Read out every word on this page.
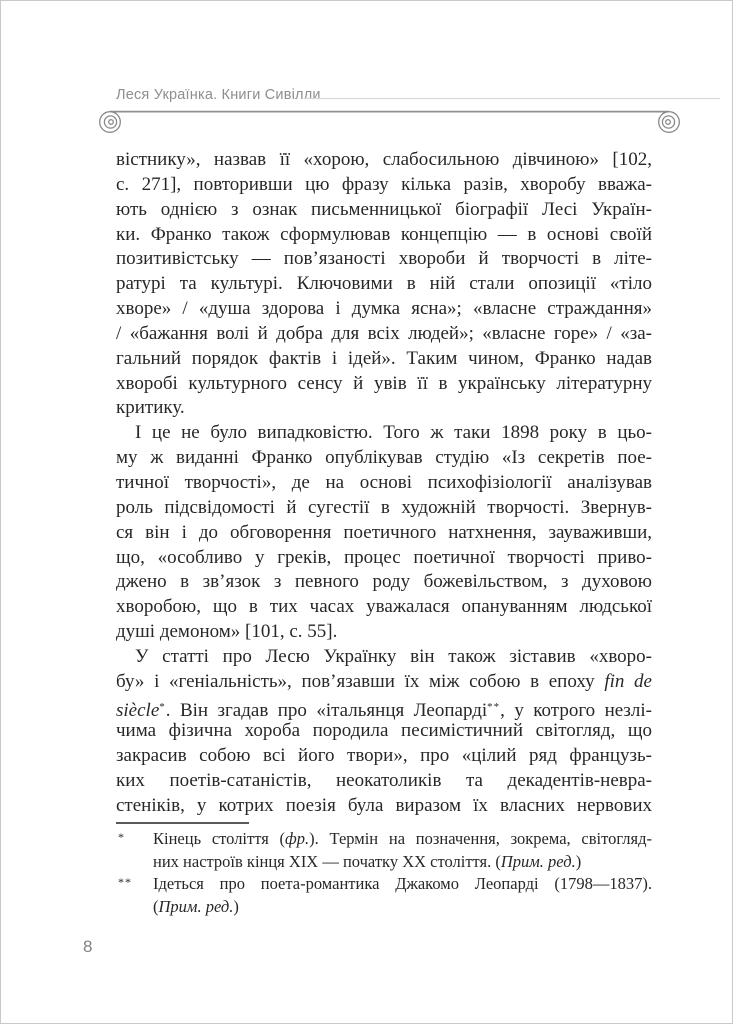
Леся Українка. Книги Сивілли
вістнику», назвав її «хорою, слабосильною дівчиною» [102,
с. 271], повторивши цю фразу кілька разів, хворобу вважа-
ють однією з ознак письменницької біографії Лесі Україн-
ки. Франко також сформулював концепцію — в основі своїй
позитивістську — пов’язаності хвороби й творчості в літе-
ратурі та культурі. Ключовими в ній стали опозиції «тіло
хворе» / «душа здорова і думка ясна»; «власне страждання»
/ «бажання волі й добра для всіх людей»; «власне горе» / «за-
гальний порядок фактів і ідей». Таким чином, Франко надав
хворобі культурного сенсу й увів її в українську літературну
критику.
І це не було випадковістю. Того ж таки 1898 року в цьо-
му ж виданні Франко опублікував студію «Із секретів пое-
тичної творчості», де на основі психофізіології аналізував
роль підсвідомості й сугестії в художній творчості. Звернув-
ся він і до обговорення поетичного натхнення, зауваживши,
що, «особливо у греків, процес поетичної творчості приво-
джено в зв’язок з певного роду божевільством, з духовою
хворобою, що в тих часах уважалася опануванням людської
душі демоном» [101, с. 55].
У статті про Лесю Українку він також зіставив «хворо-
бу» і «геніальність», пов’язавши їх між собою в епоху fin de
siècle*. Він згадав про «італьянця Леопарді**, у котрого незлі-
чима фізична хороба породила песимістичний світогляд, що
закрасив собою всі його твори», про «цілий ряд французь-
ких поетів-сатаністів, неокатоликів та декадентів-невра-
стеніків, у котрих поезія була виразом їх власних нервових
* Кінець століття (фр.). Термін на позначення, зокрема, світогляд-
них настроїв кінця XIX — початку XX століття. (Прим. ред.)
** Ідеться про поета-романтика Джакомо Леопарді (1798—1837).
(Прим. ред.)
8
